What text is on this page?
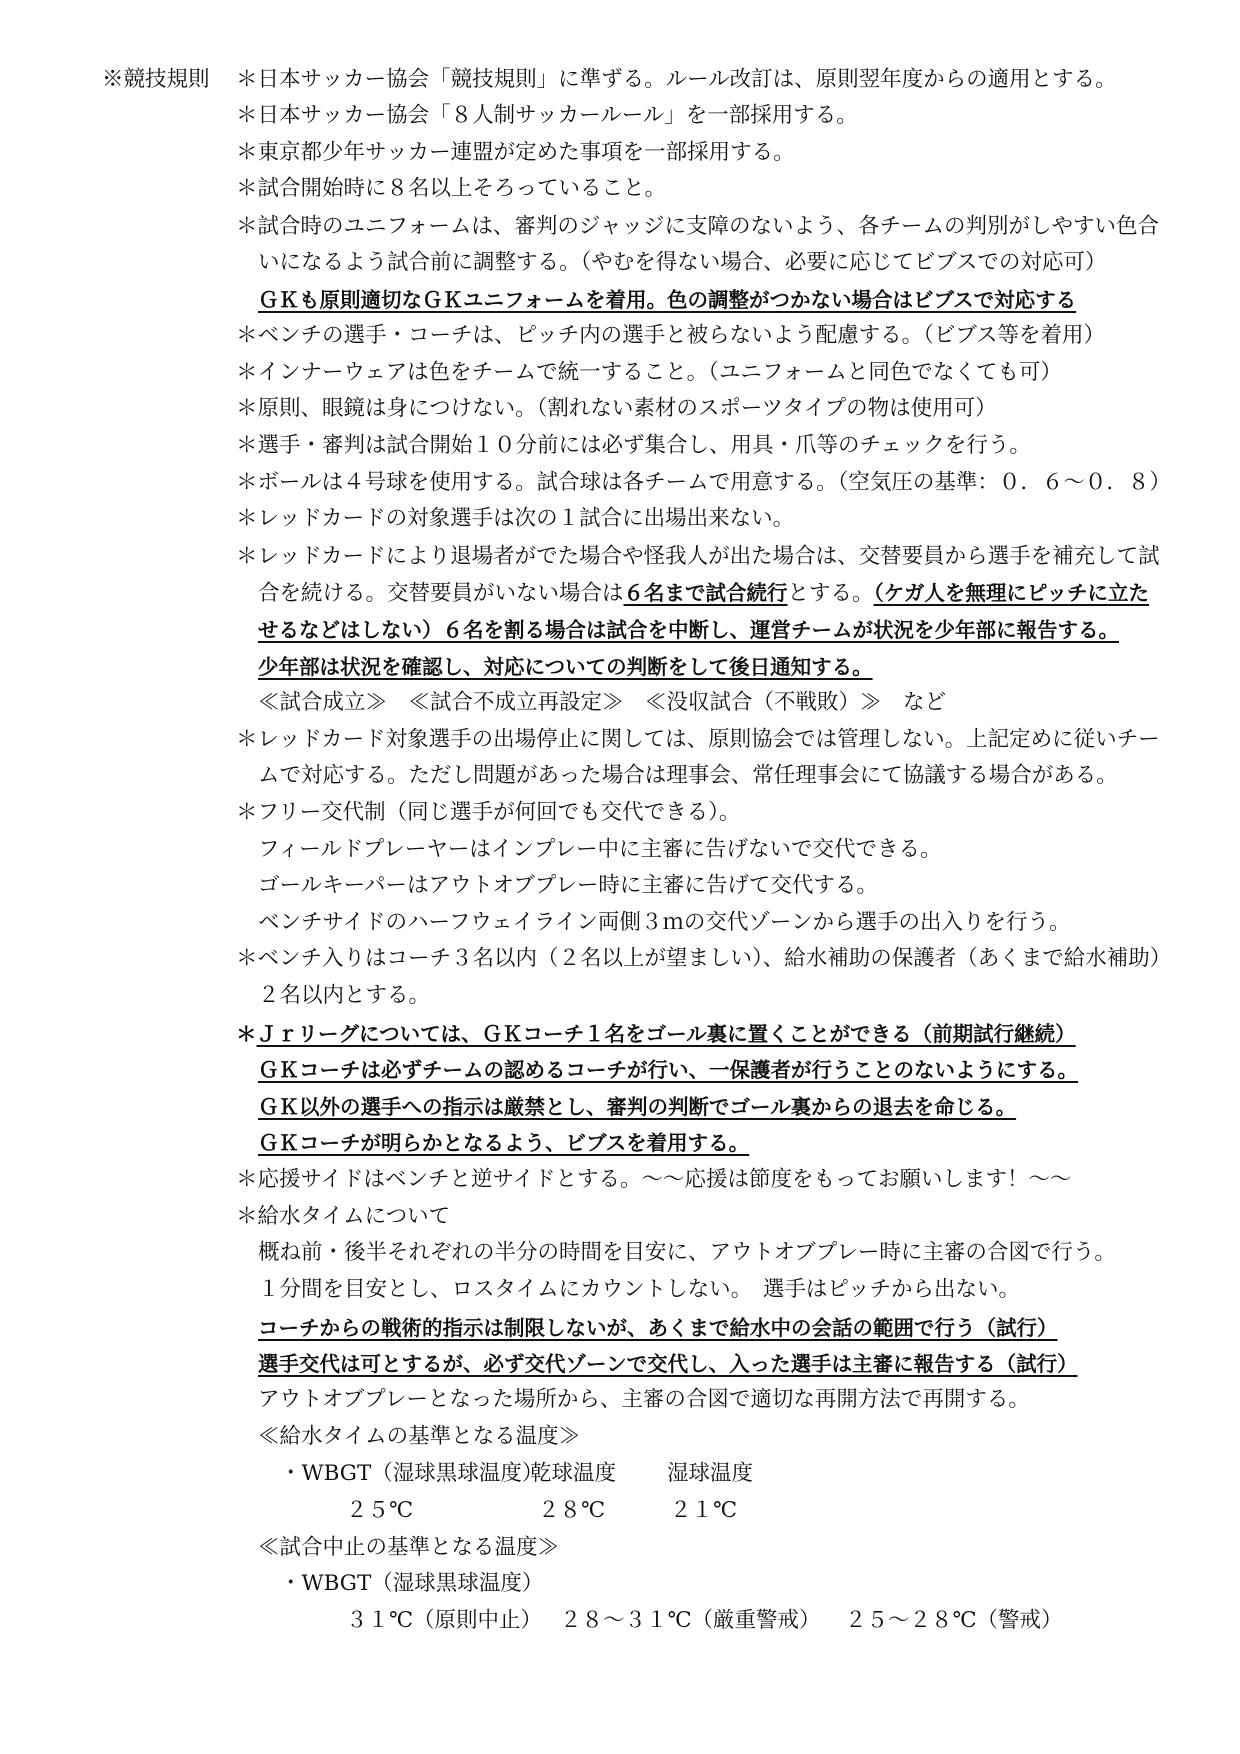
※競技規則 ＊日本サッカー協会「競技規則」に準ずる。ルール改訂は、原則翌年度からの適用とする。
＊日本サッカー協会「８人制サッカールール」を一部採用する。
＊東京都少年サッカー連盟が定めた事項を一部採用する。
＊試合開始時に８名以上そろっていること。
＊試合時のユニフォームは、審判のジャッジに支障のないよう、各チームの判別がしやすい色合
いになるよう試合前に調整する。（やむを得ない場合、必要に応じてビブスでの対応可）
ＧＫも原則適切なＧＫユニフォームを着用。色の調整がつかない場合はビブスで対応する
＊ベンチの選手・コーチは、ピッチ内の選手と被らないよう配慮する。（ビブス等を着用）
＊インナーウェアは色をチームで統一すること。（ユニフォームと同色でなくても可）
＊原則、眼鏡は身につけない。（割れない素材のスポーツタイプの物は使用可）
＊選手・審判は試合開始１０分前には必ず集合し、用具・爪等のチェックを行う。
＊ボールは４号球を使用する。試合球は各チームで用意する。（空気圧の基準：０．６～０．８）
＊レッドカードの対象選手は次の１試合に出場出来ない。
＊レッドカードにより退場者がでた場合や怪我人が出た場合は、交替要員から選手を補充して試
合を続ける。交替要員がいない場合は６名まで試合続行とする。（ケガ人を無理にピッチに立た
せるなどはしない）６名を割る場合は試合を中断し、運営チームが状況を少年部に報告する。
少年部は状況を確認し、対応についての判断をして後日通知する。
≪試合成立≫　≪試合不成立再設定≫　≪没収試合（不戦敗）≫　など
＊レッドカード対象選手の出場停止に関しては、原則協会では管理しない。上記定めに従いチー
ムで対応する。ただし問題があった場合は理事会、常任理事会にて協議する場合がある。
＊フリー交代制（同じ選手が何回でも交代できる）。
フィールドプレーヤーはインプレー中に主審に告げないで交代できる。
ゴールキーパーはアウトオブプレー時に主審に告げて交代する。
ベンチサイドのハーフウェイライン両側３ｍの交代ゾーンから選手の出入りを行う。
＊ベンチ入りはコーチ３名以内（２名以上が望ましい）、給水補助の保護者（あくまで給水補助）
２名以内とする。
＊Ｊｒリーグについては、ＧＫコーチ１名をゴール裏に置くことができる（前期試行継続）
ＧＫコーチは必ずチームの認めるコーチが行い、一保護者が行うことのないようにする。
ＧＫ以外の選手への指示は厳禁とし、審判の判断でゴール裏からの退去を命じる。
ＧＫコーチが明らかとなるよう、ビブスを着用する。
＊応援サイドはベンチと逆サイドとする。～～応援は節度をもってお願いします！～～
＊給水タイムについて
概ね前・後半それぞれの半分の時間を目安に、アウトオブプレー時に主審の合図で行う。
１分間を目安とし、ロスタイムにカウントしない。　選手はピッチから出ない。
コーチからの戦術的指示は制限しないが、あくまで給水中の会話の範囲で行う（試行）
選手交代は可とするが、必ず交代ゾーンで交代し、入った選手は主審に報告する（試行）
アウトオブプレーとなった場所から、主審の合図で適切な再開方法で再開する。
≪給水タイムの基準となる温度≫
・WBGT（湿球黒球温度）
乾球温度 湿球温度
２５℃	２８℃	２１℃
≪試合中止の基準となる温度≫
・WBGT（湿球黒球温度）
３１℃（原則中止） ２８～３１℃（厳重警戒） ２５～２８℃（警戒）
